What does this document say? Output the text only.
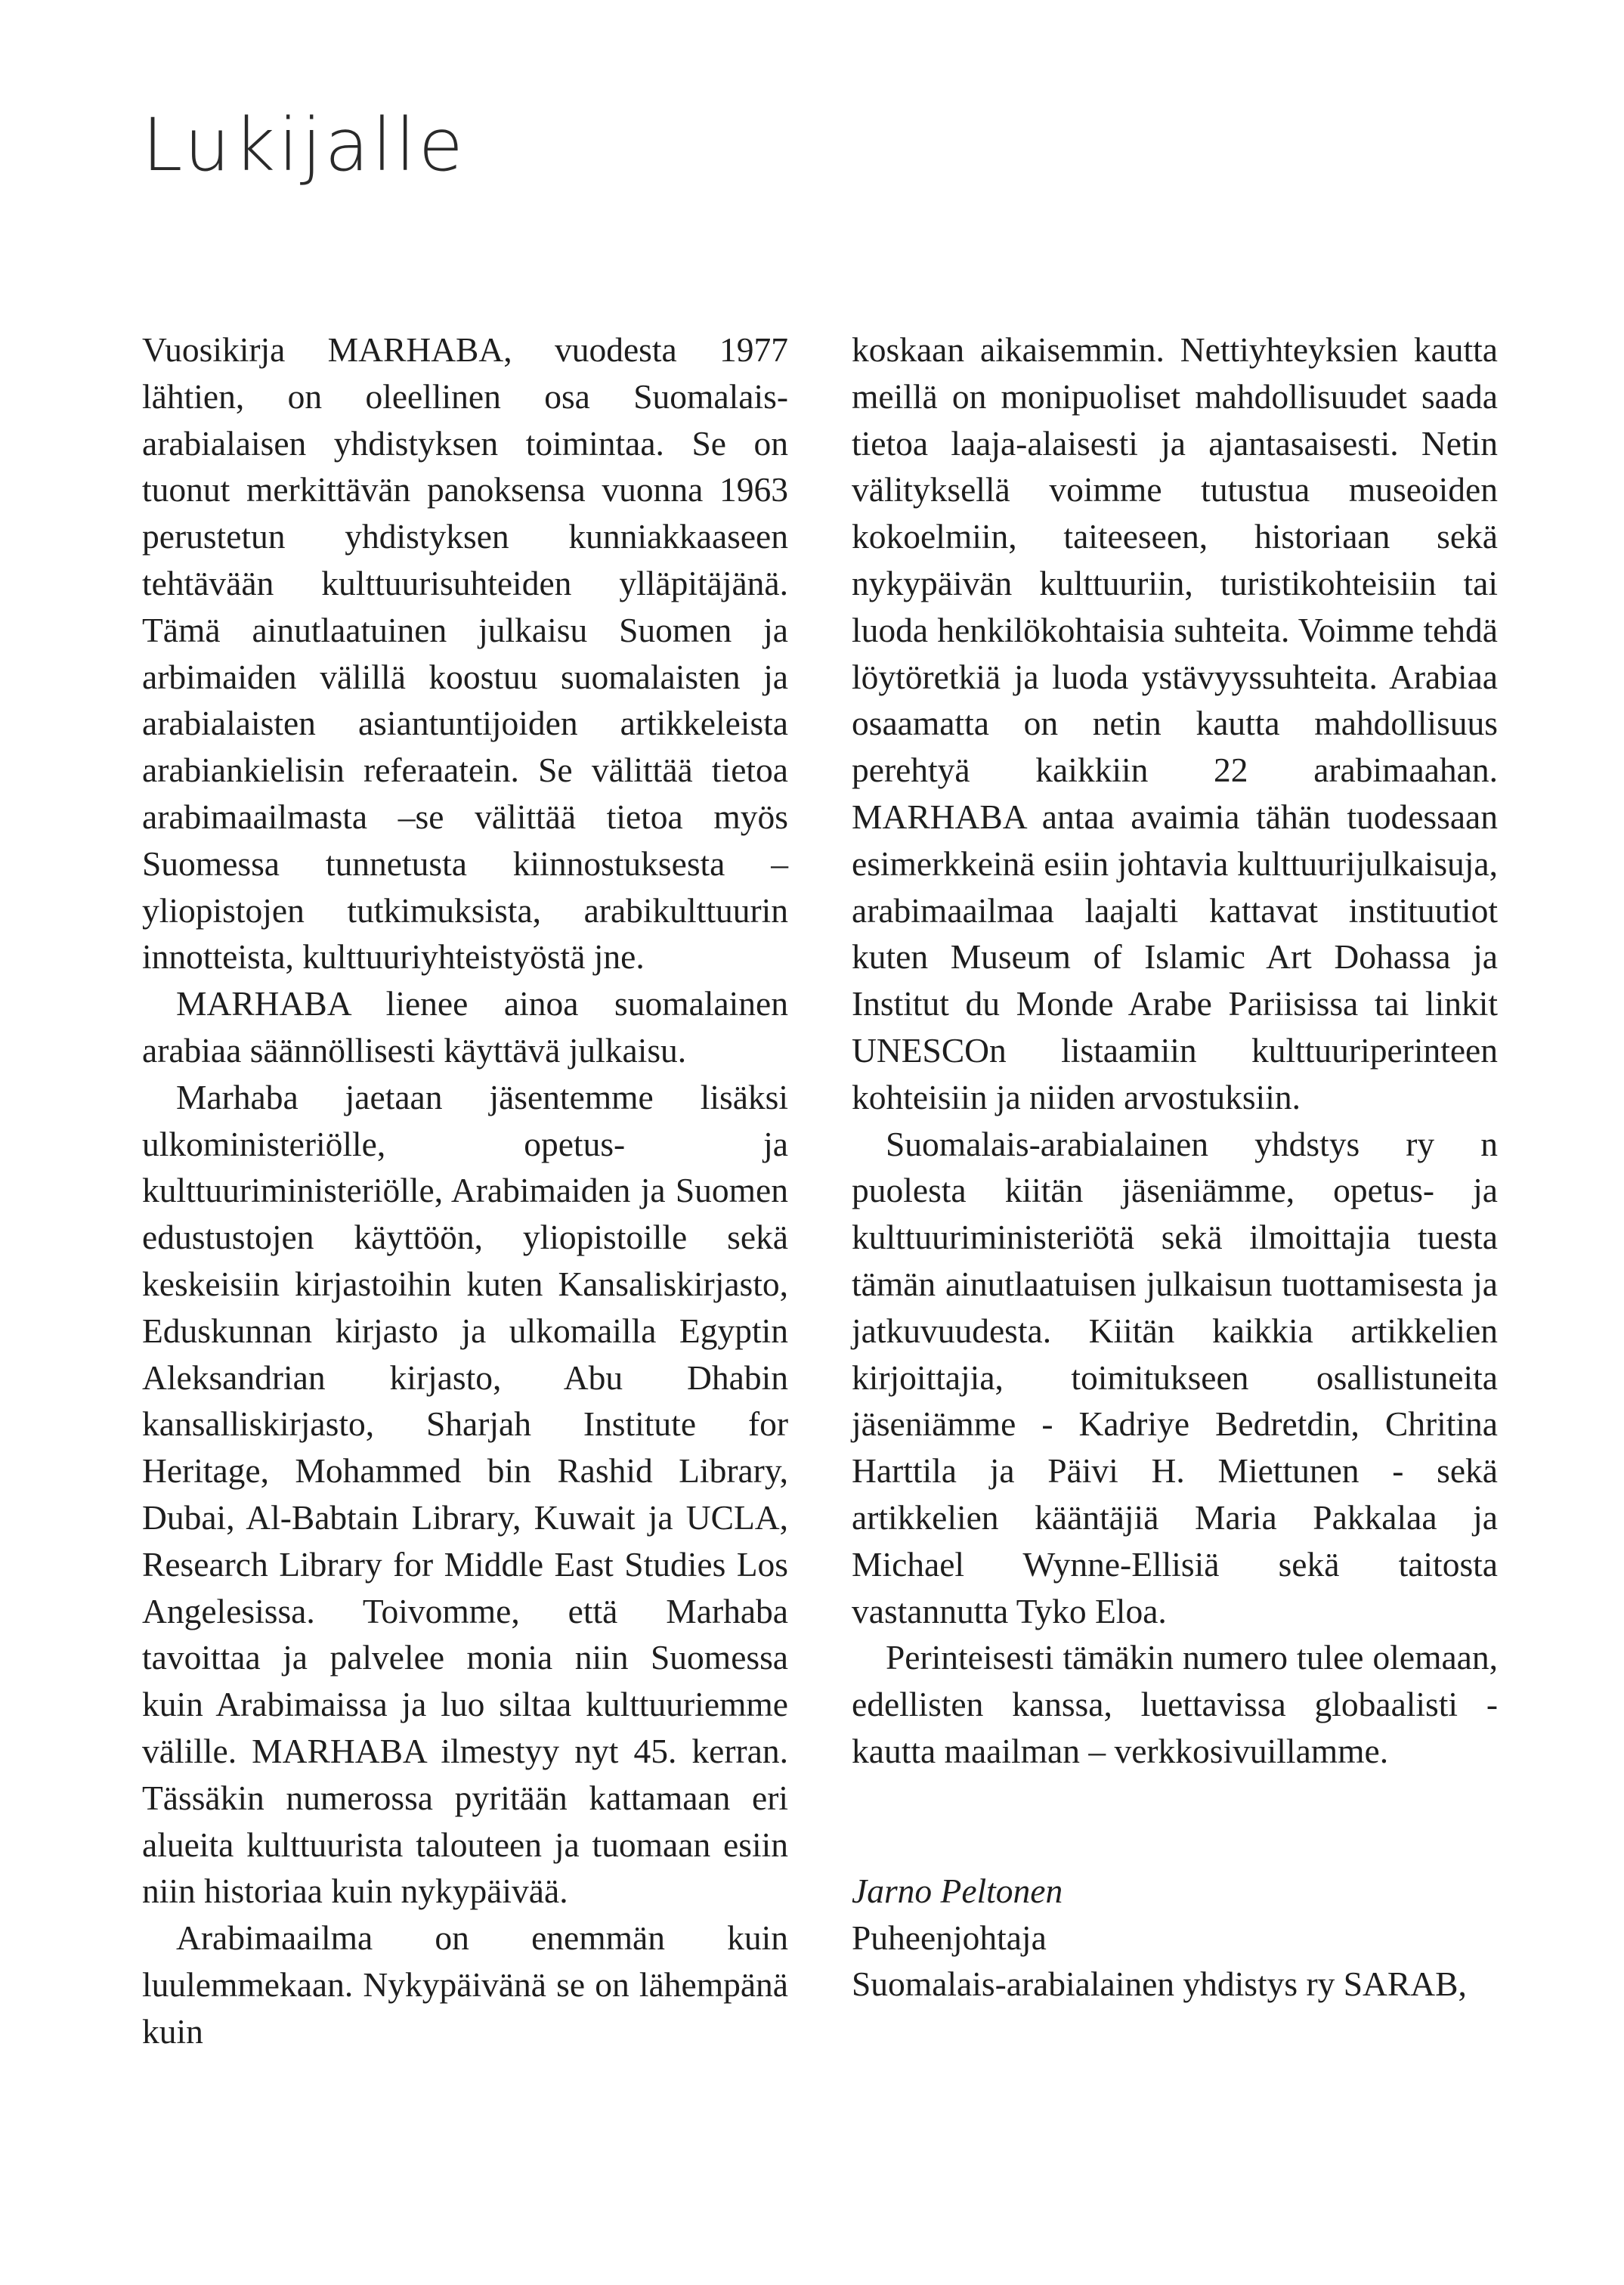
Lukijalle

Vuosikirja MARHABA, vuodesta 1977 lähtien, on oleellinen osa Suomalais-arabialaisen yhdistyksen toimintaa. Se on tuonut merkittävän panoksensa vuonna 1963 perustetun yhdistyksen kunniakkaaseen tehtävään kulttuurisuhteiden ylläpitäjänä. Tämä ainutlaatuinen julkaisu Suomen ja arbimaiden välillä koostuu suomalaisten ja arabialaisten asiantuntijoiden artikkeleista arabiankielisin referaatein. Se välittää tietoa arabimaailmasta –se välittää tietoa myös Suomessa tunnetusta kiinnostuksesta – yliopistojen tutkimuksista, arabikulttuurin innotteista, kulttuuriyhteistyöstä jne.

MARHABA lienee ainoa suomalainen arabiaa säännöllisesti käyttävä julkaisu.

Marhaba jaetaan jäsentemme lisäksi ulkoministeriölle, opetus- ja kulttuuriministeriölle, Arabimaiden ja Suomen edustustojen käyttöön, yliopistoille sekä keskeisiin kirjastoihin kuten Kansaliskirjasto, Eduskunnan kirjasto ja ulkomailla Egyptin Aleksandrian kirjasto, Abu Dhabin kansalliskirjasto, Sharjah Institute for Heritage, Mohammed bin Rashid Library, Dubai, Al-Babtain Library, Kuwait ja UCLA, Research Library for Middle East Studies Los Angelesissa. Toivomme, että Marhaba tavoittaa ja palvelee monia niin Suomessa kuin Arabimaissa ja luo siltaa kulttuuriemme välille. MARHABA ilmestyy nyt 45. kerran. Tässäkin numerossa pyritään kattamaan eri alueita kulttuurista talouteen ja tuomaan esiin niin historiaa kuin nykypäivää.

Arabimaailma on enemmän kuin luulemmekaan. Nykypäivänä se on lähempänä kuin

koskaan aikaisemmin. Nettiyhteyksien kautta meillä on monipuoliset mahdollisuudet saada tietoa laaja-alaisesti ja ajantasaisesti. Netin välityksellä voimme tutustua museoiden kokoelmiin, taiteeseen, historiaan sekä nykypäivän kulttuuriin, turistikohteisiin tai luoda henkilökohtaisia suhteita. Voimme tehdä löytöretkiä ja luoda ystävyyssuhteita. Arabiaa osaamatta on netin kautta mahdollisuus perehtyä kaikkiin 22 arabimaahan. MARHABA antaa avaimia tähän tuodessaan esimerkkeinä esiin johtavia kulttuurijulkaisuja, arabimaailmaa laajalti kattavat instituutiot kuten Museum of Islamic Art Dohassa ja Institut du Monde Arabe Pariisissa tai linkit UNESCOn listaamiin kulttuuriperinteen kohteisiin ja niiden arvostuksiin.

Suomalais-arabialainen yhdstys ry n puolesta kiitän jäseniämme, opetus- ja kulttuuriministeriötä sekä ilmoittajia tuesta tämän ainutlaatuisen julkaisun tuottamisesta ja jatkuvuudesta. Kiitän kaikkia artikkelien kirjoittajia, toimitukseen osallistuneita jäseniämme - Kadriye Bedretdin, Chritina Harttila ja Päivi H. Miettunen - sekä artikkelien kääntäjiä Maria Pakkalaa ja Michael Wynne-Ellisiä sekä taitosta vastannutta Tyko Eloa.

Perinteisesti tämäkin numero tulee olemaan, edellisten kanssa, luettavissa globaalisti - kautta maailman – verkkosivuillamme.

Jarno Peltonen
Puheenjohtaja
Suomalais-arabialainen yhdistys ry SARAB,
